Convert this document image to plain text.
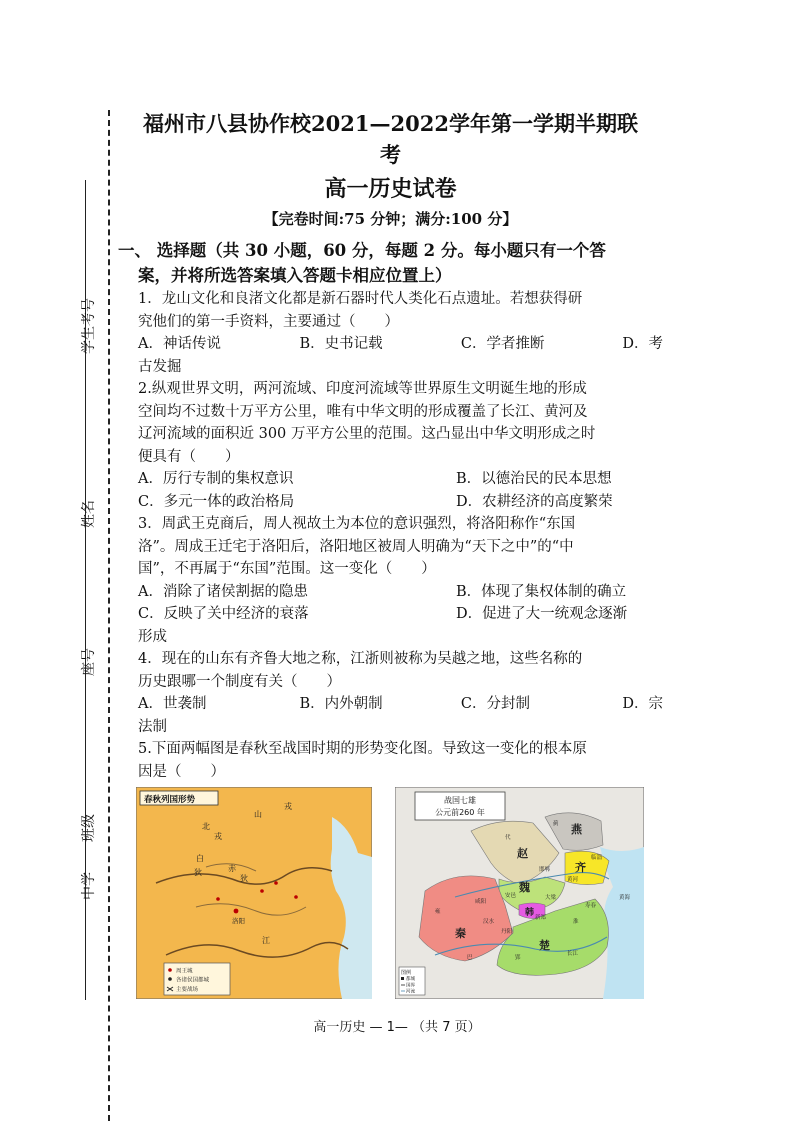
学生考号
姓名
座号
班级
中学
福州市八县协作校2021—2022学年第一学期半期联
考
高一历史试卷
【完卷时间:75 分钟；满分:100 分】
一、 选择题（共 30 小题，60 分，每题 2 分。每小题只有一个答
案，并将所选答案填入答题卡相应位置上）
1．龙山文化和良渚文化都是新石器时代人类化石点遗址。若想获得研
究他们的第一手资料，主要通过（　　）
A．神话传说	B．史书记载	C．学者推断	D．考
古发掘
2.纵观世界文明，两河流域、印度河流域等世界原生文明诞生地的形成
空间均不过数十万平方公里，唯有中华文明的形成覆盖了长江、黄河及
辽河流域的面积近 300 万平方公里的范围。这凸显出中华文明形成之时
便具有（　　）
A．厉行专制的集权意识	B．以德治民的民本思想
C．多元一体的政治格局	D．农耕经济的高度繁荣
3．周武王克商后，周人视故土为本位的意识强烈，将洛阳称作“东国
洛”。周成王迁宅于洛阳后，洛阳地区被周人明确为“天下之中”的“中
国”，不再属于“东国”范围。这一变化（　　）
A．消除了诸侯割据的隐患	B．体现了集权体制的确立
C．反映了关中经济的衰落	D．促进了大一统观念逐渐
形成
4．现在的山东有齐鲁大地之称，江浙则被称为吴越之地，这些名称的
历史跟哪一个制度有关（　　）
A．世袭制	B．内外朝制	C．分封制	D．宗
法制
5.下面两幅图是春秋至战国时期的形势变化图。导致这一变化的根本原
因是（　　）
春秋列国形势
山
戎
北
戎
白
狄	赤
狄
洛阳
江
周王城
各诸侯国都城
主要战场
战国七雄
公元前260 年
燕
赵
齐
魏
韩
秦
楚
蓟
代
邯郸
临淄
黄河
大梁
安邑
新郑
咸阳
汉水
郢
丹阳
雍
巴
淮
长江
寿春
黄海
图例
都城
国界
河流
高一历史 — 1— （共 7 页）
